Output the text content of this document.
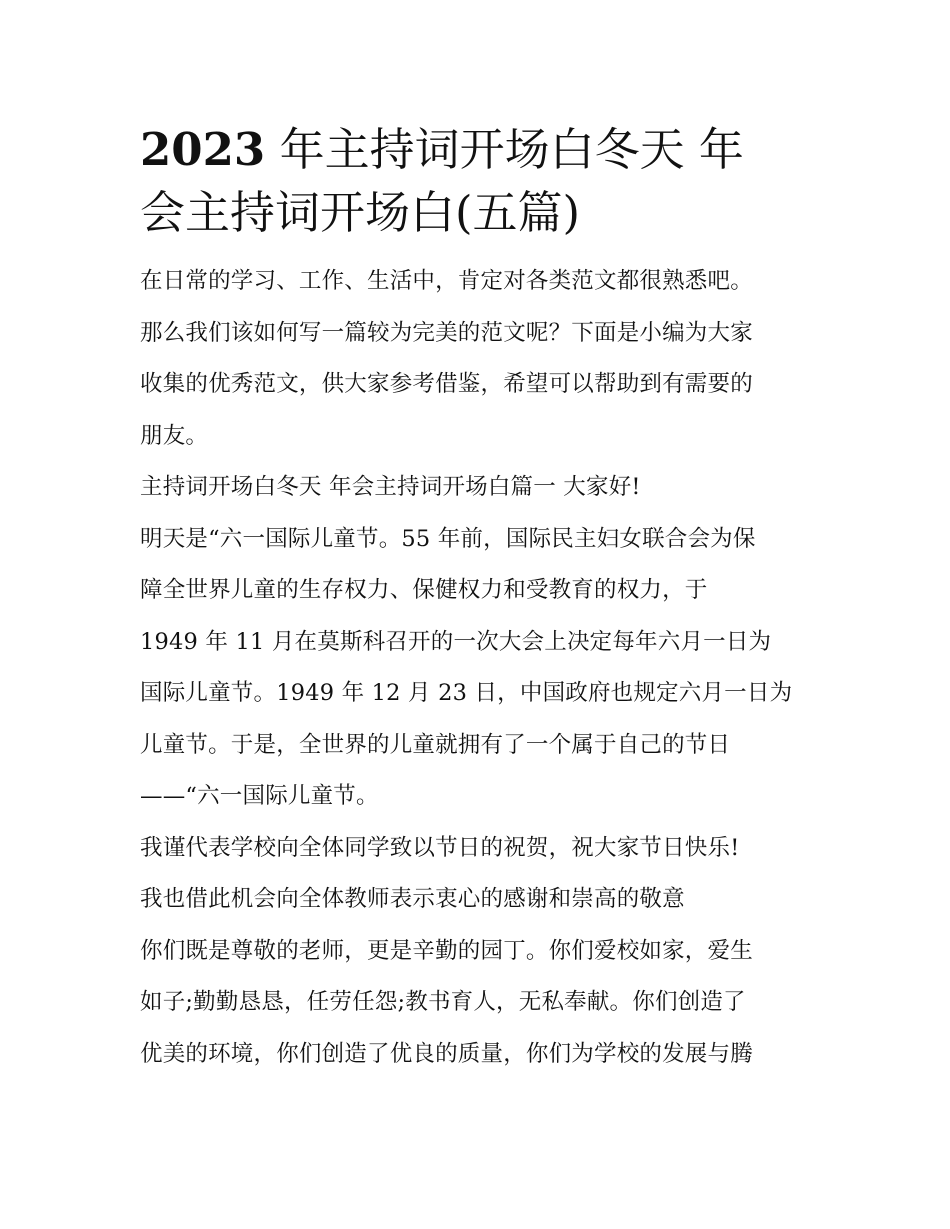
2023 年主持词开场白冬天 年
会主持词开场白(五篇)
在日常的学习、工作、生活中，肯定对各类范文都很熟悉吧。
那么我们该如何写一篇较为完美的范文呢？下面是小编为大家
收集的优秀范文，供大家参考借鉴，希望可以帮助到有需要的
朋友。
主持词开场白冬天 年会主持词开场白篇一 大家好!
明天是“六一国际儿童节。55 年前，国际民主妇女联合会为保
障全世界儿童的生存权力、保健权力和受教育的权力，于
1949 年 11 月在莫斯科召开的一次大会上决定每年六月一日为
国际儿童节。1949 年 12 月 23 日，中国政府也规定六月一日为
儿童节。于是，全世界的儿童就拥有了一个属于自己的节日
——“六一国际儿童节。
我谨代表学校向全体同学致以节日的祝贺，祝大家节日快乐!
我也借此机会向全体教师表示衷心的感谢和崇高的敬意
你们既是尊敬的老师，更是辛勤的园丁。你们爱校如家，爱生
如子;勤勤恳恳，任劳任怨;教书育人，无私奉献。你们创造了
优美的环境，你们创造了优良的质量，你们为学校的发展与腾
